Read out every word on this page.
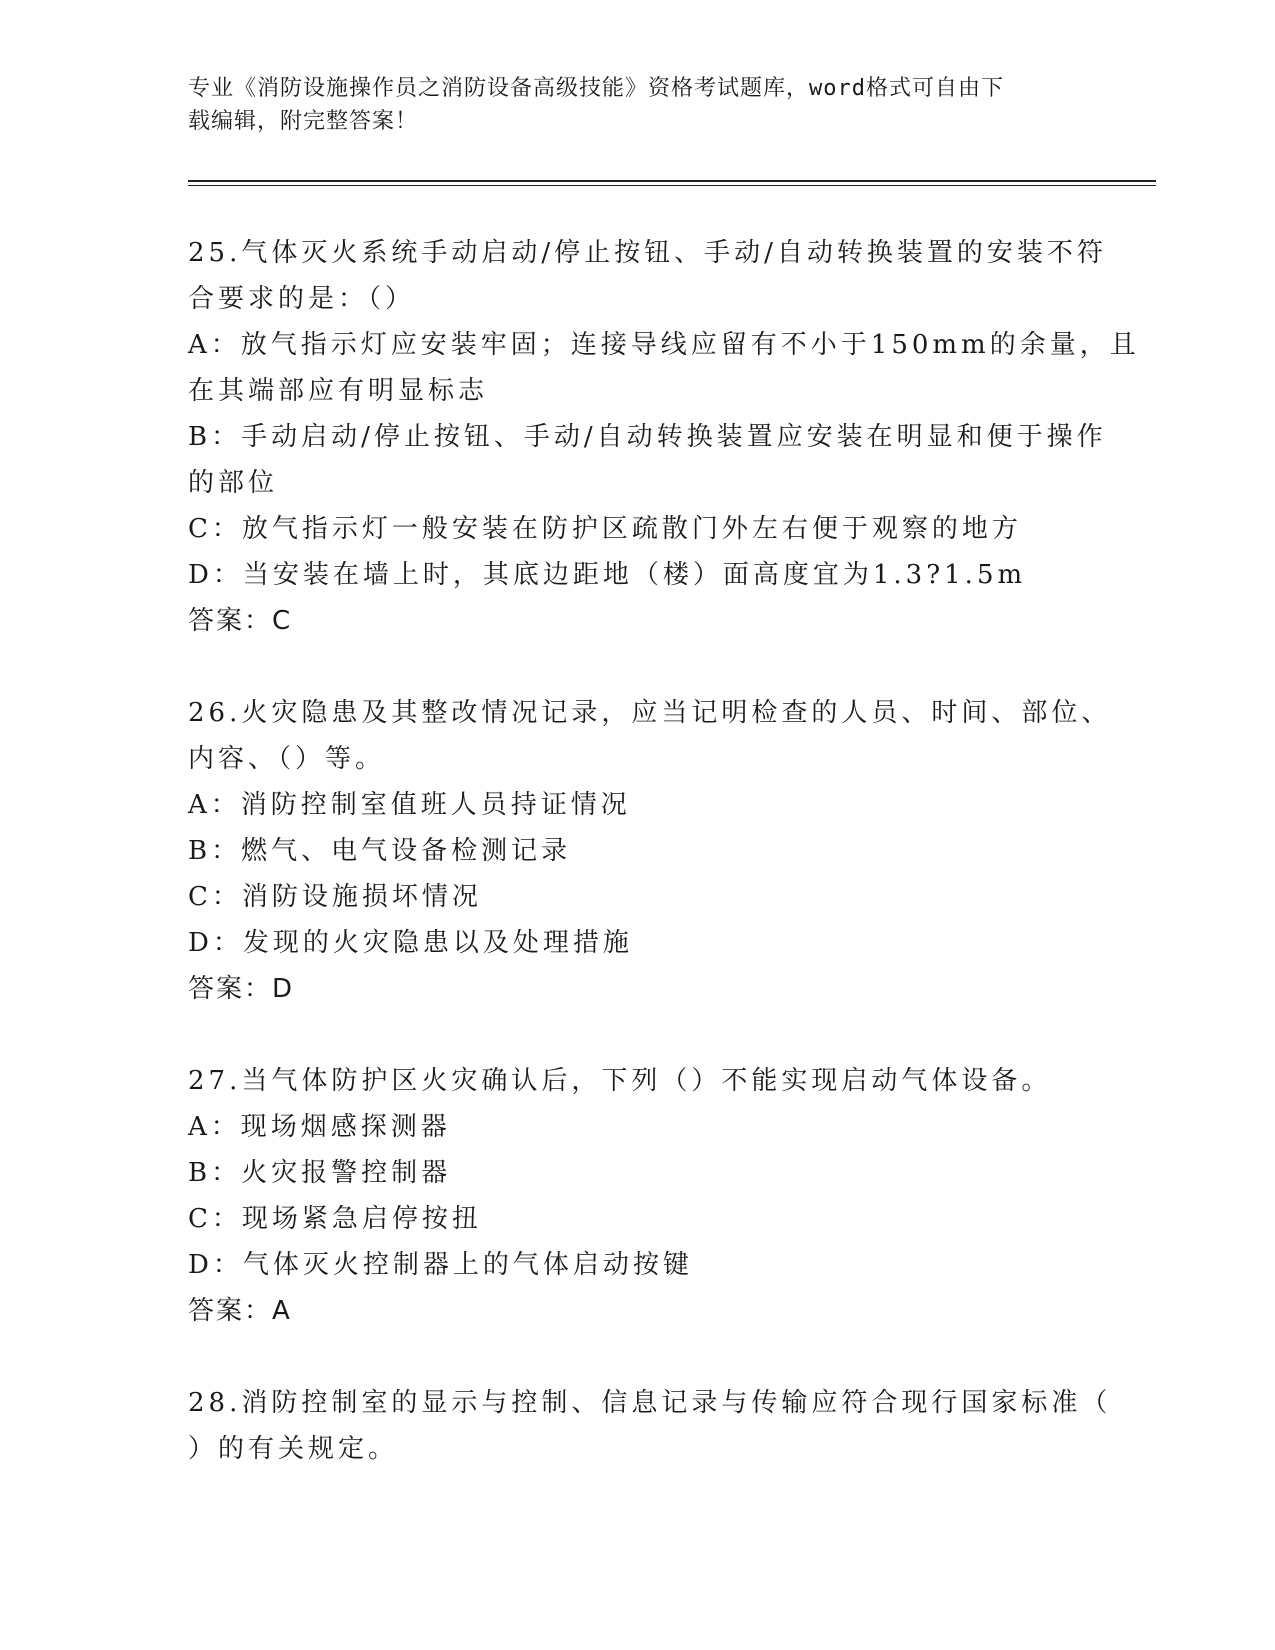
专业《消防设施操作员之消防设备高级技能》资格考试题库，word格式可自由下
载编辑，附完整答案！
25.气体灭火系统手动启动/停止按钮、手动/自动转换装置的安装不符
合要求的是：（）
A：放气指示灯应安装牢固；连接导线应留有不小于150mm的余量，且
在其端部应有明显标志
B：手动启动/停止按钮、手动/自动转换装置应安装在明显和便于操作
的部位
C：放气指示灯一般安装在防护区疏散门外左右便于观察的地方
D：当安装在墙上时，其底边距地（楼）面高度宜为1.3?1.5m
答案：C
26.火灾隐患及其整改情况记录，应当记明检查的人员、时间、部位、
内容、（）等。
A：消防控制室值班人员持证情况
B：燃气、电气设备检测记录
C：消防设施损坏情况
D：发现的火灾隐患以及处理措施
答案：D
27.当气体防护区火灾确认后，下列（）不能实现启动气体设备。
A：现场烟感探测器
B：火灾报警控制器
C：现场紧急启停按扭
D：气体灭火控制器上的气体启动按键
答案：A
28.消防控制室的显示与控制、信息记录与传输应符合现行国家标准（
）的有关规定。
